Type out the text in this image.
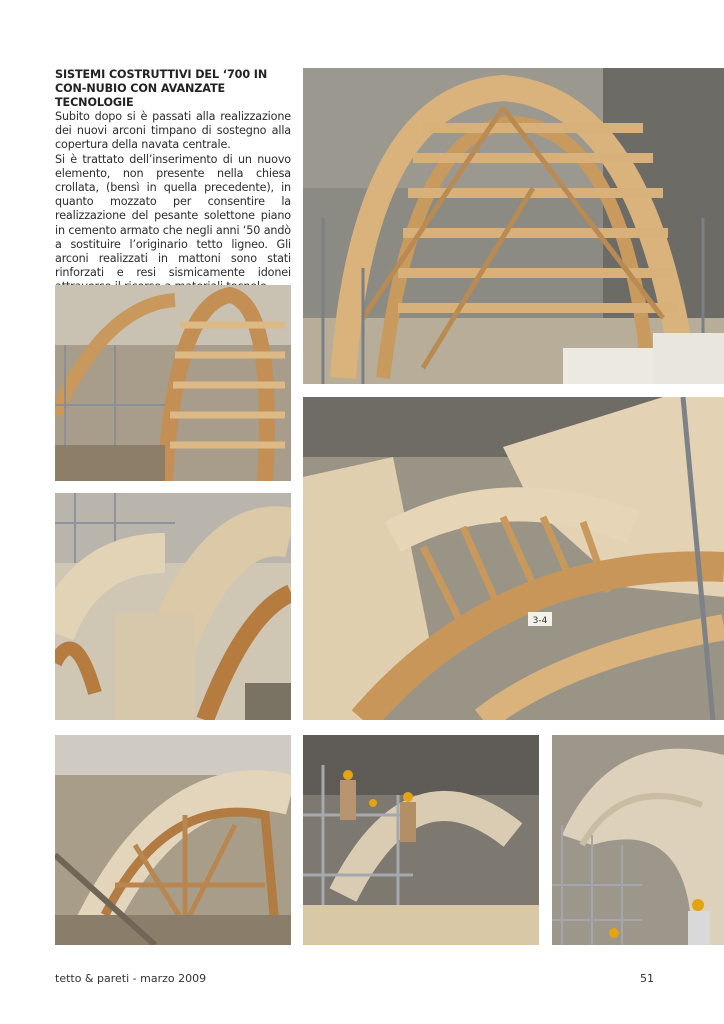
SISTEMI COSTRUTTIVI DEL ‘700 IN CON-NUBIO CON AVANZATE TECNOLOGIE

Subito dopo si è passati alla realizzazione dei nuovi arconi timpano di sostegno alla copertura della navata centrale.

Si è trattato dell’inserimento di un nuovo elemento, non presente nella chiesa crollata, (bensì in quella precedente), in quanto mozzato per consentire la realizzazione del pesante solettone piano in cemento armato che negli anni ‘50 andò a sostituire l’originario tetto ligneo. Gli arconi realizzati in mattoni sono stati rinforzati e resi sismicamente idonei

3-4
tetto & pareti - marzo 2009	51
